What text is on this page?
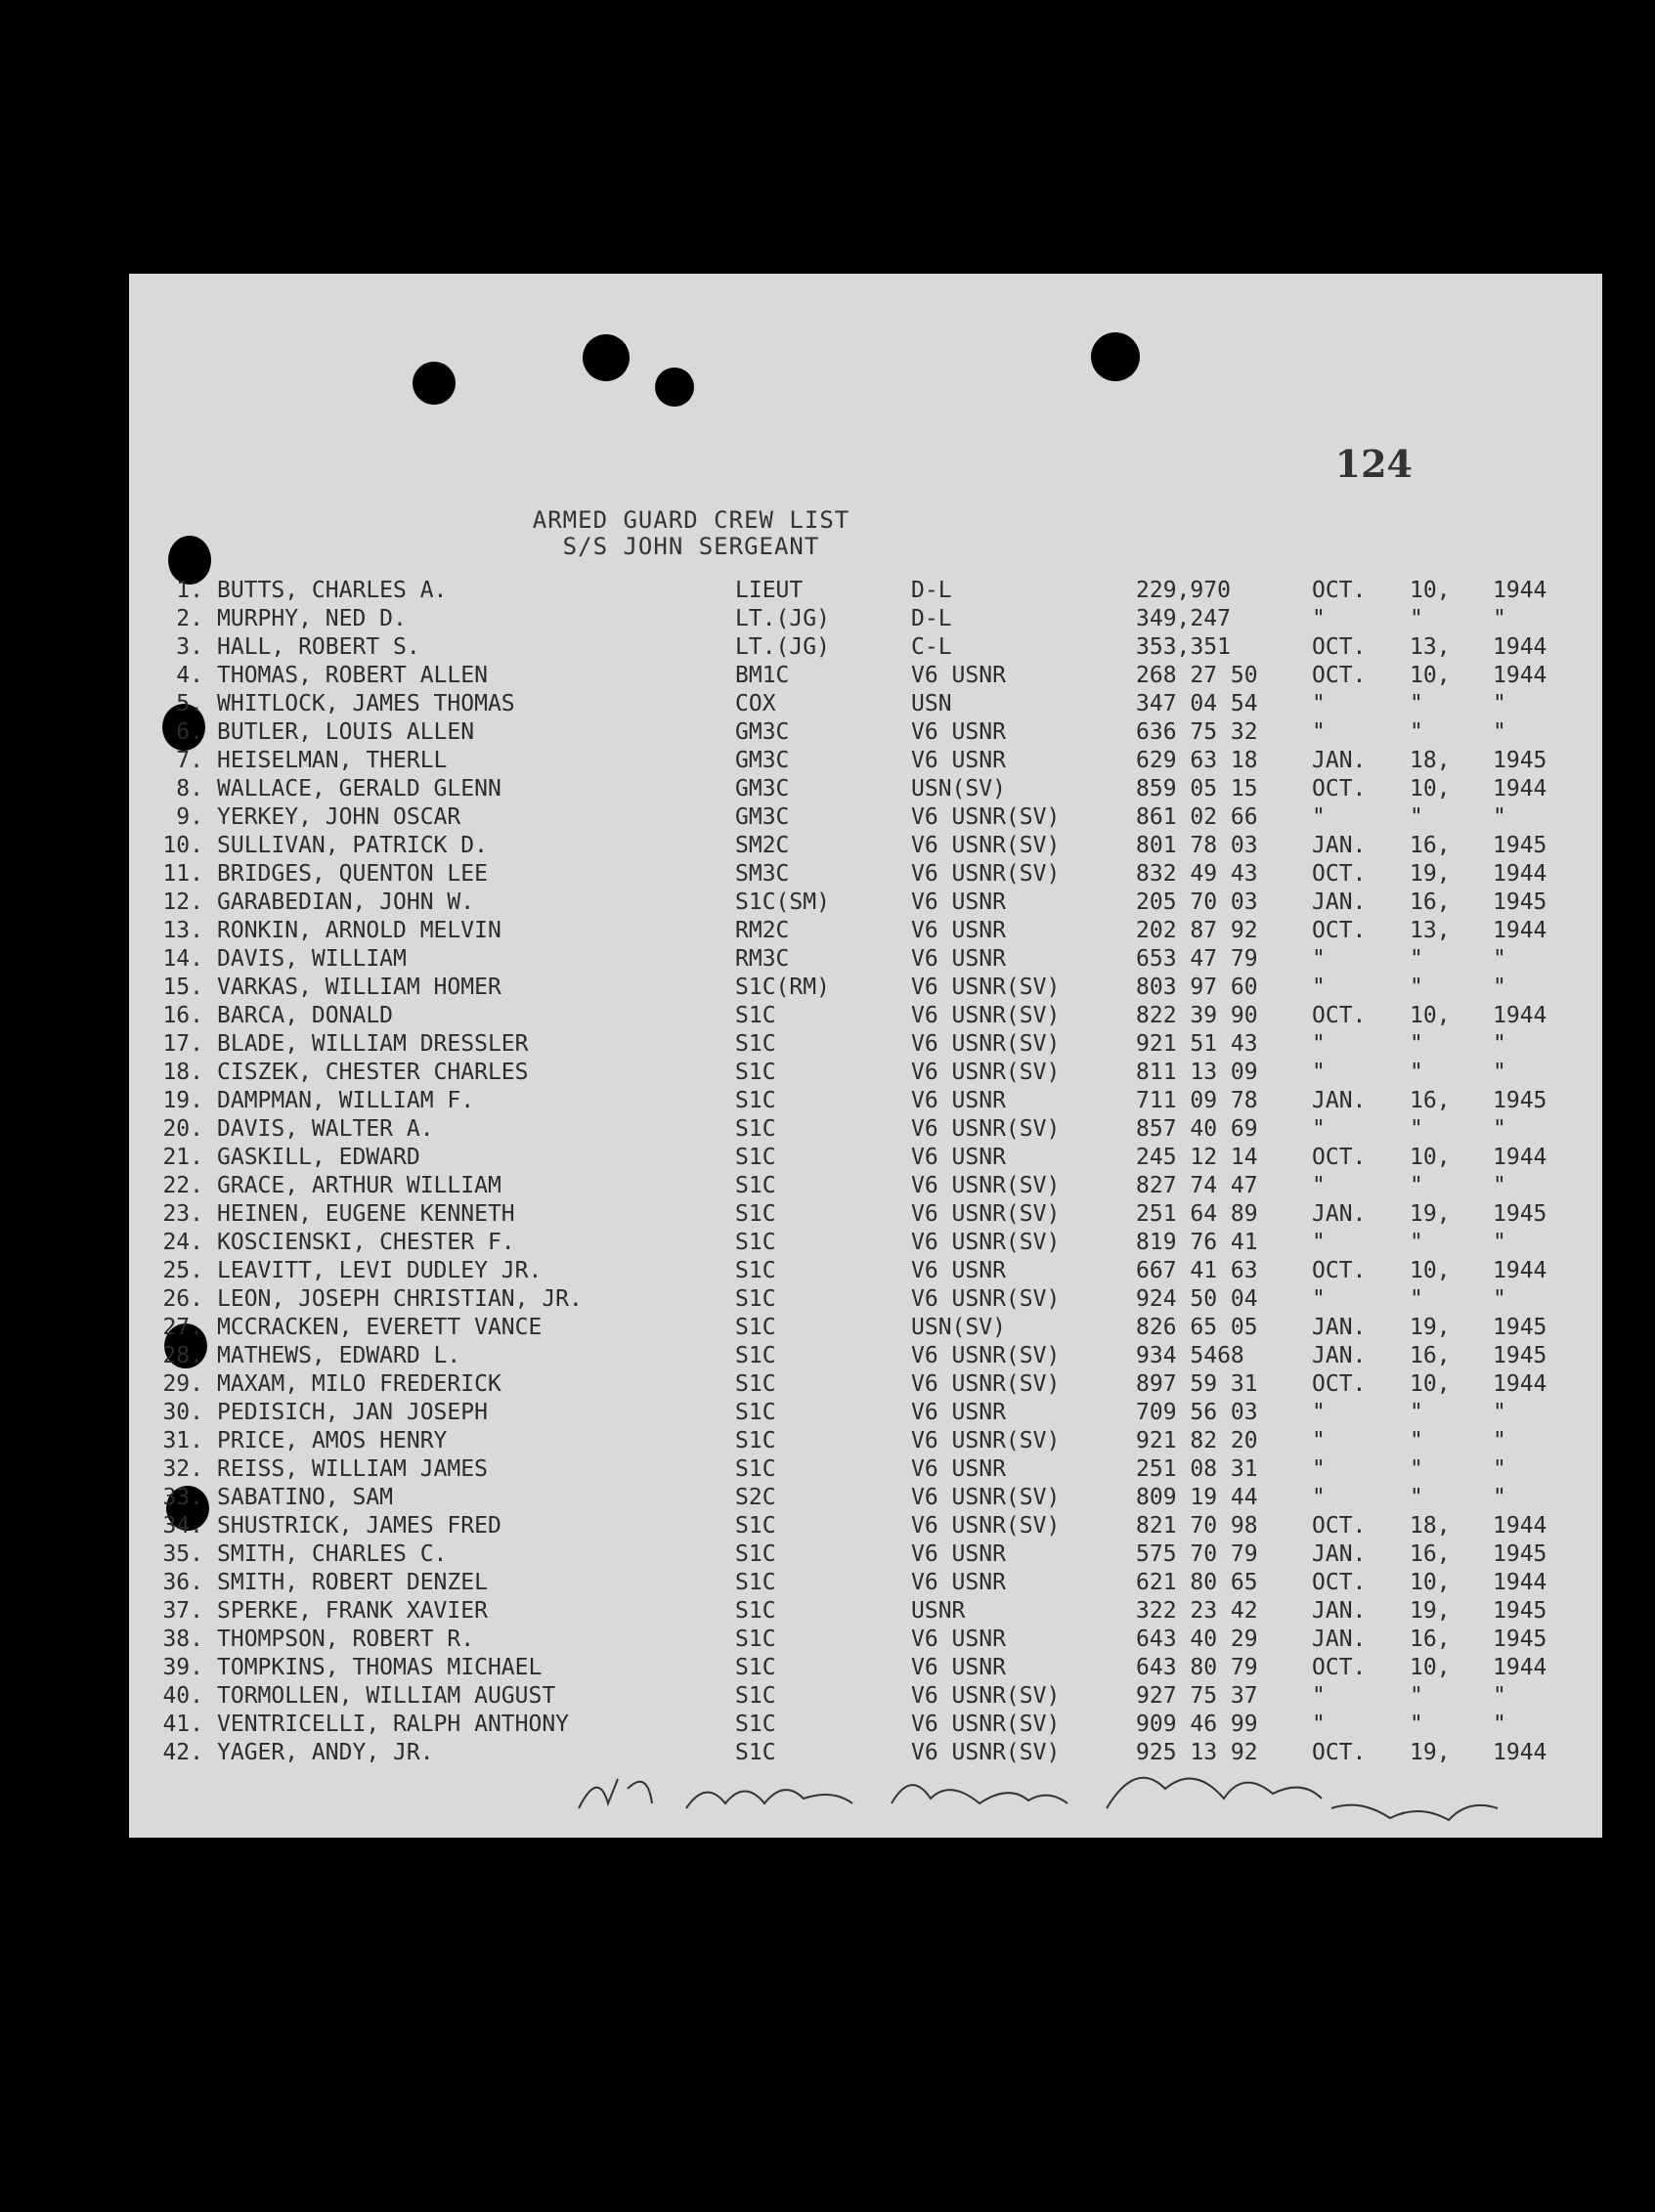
124
ARMED GUARD CREW LIST
S/S JOHN SERGEANT
1. BUTTS, CHARLES A.	LIEUT	D-L	229,970	OCT. 10, 1944
2. MURPHY, NED D.	LT.(JG)	D-L	349,247	"	"	"
3. HALL, ROBERT S.	LT.(JG)	C-L	353,351	OCT. 13, 1944
4. THOMAS, ROBERT ALLEN	BM1C	V6 USNR	268 27 50 OCT. 10, 1944
5. WHITLOCK, JAMES THOMAS	COX	USN	347 04 54 "	"	"
6. BUTLER, LOUIS ALLEN	GM3C	V6 USNR	636 75 32 "	"	"
7. HEISELMAN, THERLL	GM3C	V6 USNR	629 63 18 JAN. 18, 1945
8. WALLACE, GERALD GLENN	GM3C	USN(SV)	859 05 15 OCT. 10, 1944
9. YERKEY, JOHN OSCAR	GM3C	V6 USNR(SV)	861 02 66 "	"	"
10. SULLIVAN, PATRICK D.	SM2C	V6 USNR(SV)	801 78 03 JAN. 16, 1945
11. BRIDGES, QUENTON LEE	SM3C	V6 USNR(SV)	832 49 43 OCT. 19, 1944
12. GARABEDIAN, JOHN W.	S1C(SM)	V6 USNR	205 70 03 JAN. 16, 1945
13. RONKIN, ARNOLD MELVIN	RM2C	V6 USNR	202 87 92 OCT. 13, 1944
14. DAVIS, WILLIAM	RM3C	V6 USNR	653 47 79 "	"	"
15. VARKAS, WILLIAM HOMER	S1C(RM)	V6 USNR(SV)	803 97 60 "	"	"
16. BARCA, DONALD	S1C	V6 USNR(SV)	822 39 90 OCT. 10, 1944
17. BLADE, WILLIAM DRESSLER	S1C	V6 USNR(SV)	921 51 43 "	"	"
18. CISZEK, CHESTER CHARLES	S1C	V6 USNR(SV)	811 13 09 "	"	"
19. DAMPMAN, WILLIAM F.	S1C	V6 USNR	711 09 78 JAN. 16, 1945
20. DAVIS, WALTER A.	S1C	V6 USNR(SV)	857 40 69 "	"	"
21. GASKILL, EDWARD	S1C	V6 USNR	245 12 14 OCT. 10, 1944
22. GRACE, ARTHUR WILLIAM	S1C	V6 USNR(SV)	827 74 47 "	"	"
23. HEINEN, EUGENE KENNETH	S1C	V6 USNR(SV)	251 64 89 JAN. 19, 1945
24. KOSCIENSKI, CHESTER F.	S1C	V6 USNR(SV)	819 76 41 "	"	"
25. LEAVITT, LEVI DUDLEY JR.	S1C	V6 USNR	667 41 63 OCT. 10, 1944
26. LEON, JOSEPH CHRISTIAN, JR.	S1C	V6 USNR(SV)	924 50 04 "	"	"
27. MCCRACKEN, EVERETT VANCE	S1C	USN(SV)	826 65 05 JAN. 19, 1945
28. MATHEWS, EDWARD L.	S1C	V6 USNR(SV)	934 5468	JAN. 16, 1945
29. MAXAM, MILO FREDERICK	S1C	V6 USNR(SV)	897 59 31 OCT. 10, 1944
30. PEDISICH, JAN JOSEPH	S1C	V6 USNR	709 56 03 "	"	"
31. PRICE, AMOS HENRY	S1C	V6 USNR(SV)	921 82 20 "	"	"
32. REISS, WILLIAM JAMES	S1C	V6 USNR	251 08 31 "	"	"
33. SABATINO, SAM	S2C	V6 USNR(SV)	809 19 44 "	"	"
34. SHUSTRICK, JAMES FRED	S1C	V6 USNR(SV)	821 70 98 OCT. 18, 1944
35. SMITH, CHARLES C.	S1C	V6 USNR	575 70 79 JAN. 16, 1945
36. SMITH, ROBERT DENZEL	S1C	V6 USNR	621 80 65 OCT. 10, 1944
37. SPERKE, FRANK XAVIER	S1C	USNR	322 23 42 JAN. 19, 1945
38. THOMPSON, ROBERT R.	S1C	V6 USNR	643 40 29 JAN. 16, 1945
39. TOMPKINS, THOMAS MICHAEL	S1C	V6 USNR	643 80 79 OCT. 10, 1944
40. TORMOLLEN, WILLIAM AUGUST	S1C	V6 USNR(SV)	927 75 37 "	"	"
41. VENTRICELLI, RALPH ANTHONY	S1C	V6 USNR(SV)	909 46 99 "	"	"
42. YAGER, ANDY, JR.	S1C	V6 USNR(SV)	925 13 92 OCT. 19, 1944
